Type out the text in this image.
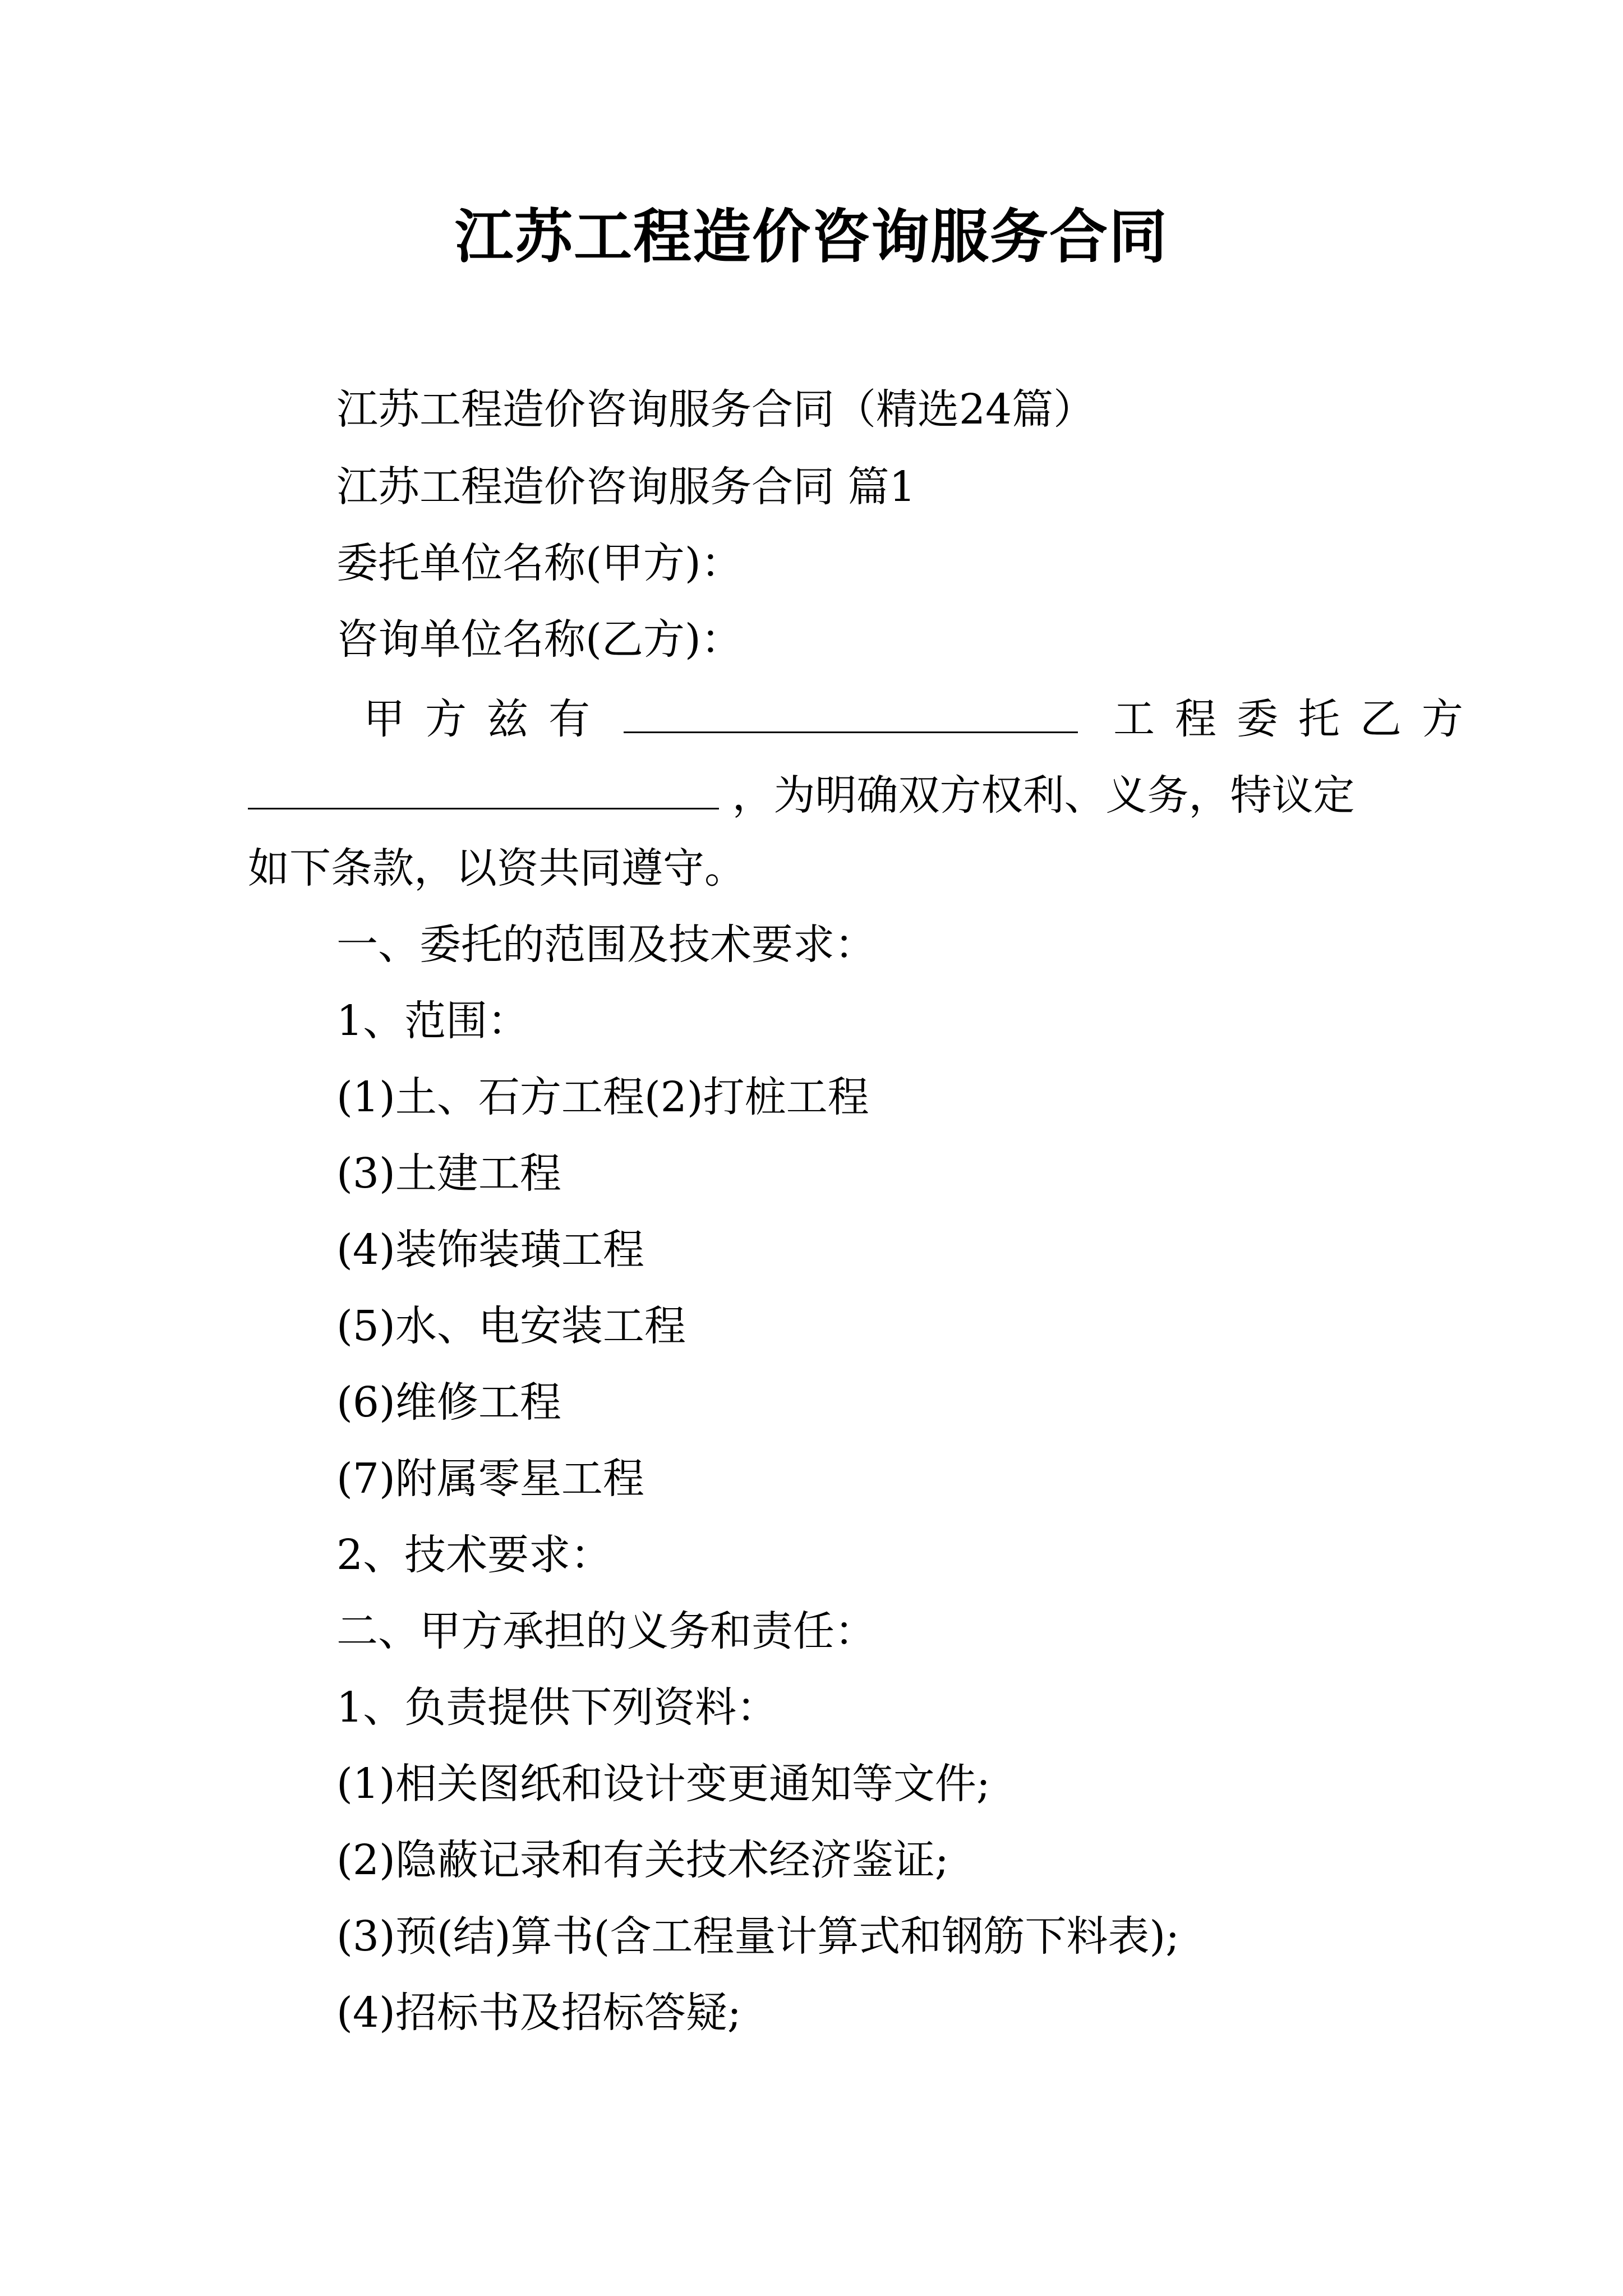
江苏工程造价咨询服务合同

江苏工程造价咨询服务合同（精选24篇）

江苏工程造价咨询服务合同 篇1

委托单位名称(甲方)：

咨询单位名称(乙方)：

甲方兹有	工程委托乙方

，为明确双方权利、义务，特议定

如下条款，以资共同遵守。

一、委托的范围及技术要求：

1、范围：

(1)土、石方工程(2)打桩工程

(3)土建工程

(4)装饰装璜工程

(5)水、电安装工程

(6)维修工程

(7)附属零星工程

2、技术要求：

二、甲方承担的义务和责任：

1、负责提供下列资料：

(1)相关图纸和设计变更通知等文件;

(2)隐蔽记录和有关技术经济鉴证;

(3)预(结)算书(含工程量计算式和钢筋下料表);

(4)招标书及招标答疑;
